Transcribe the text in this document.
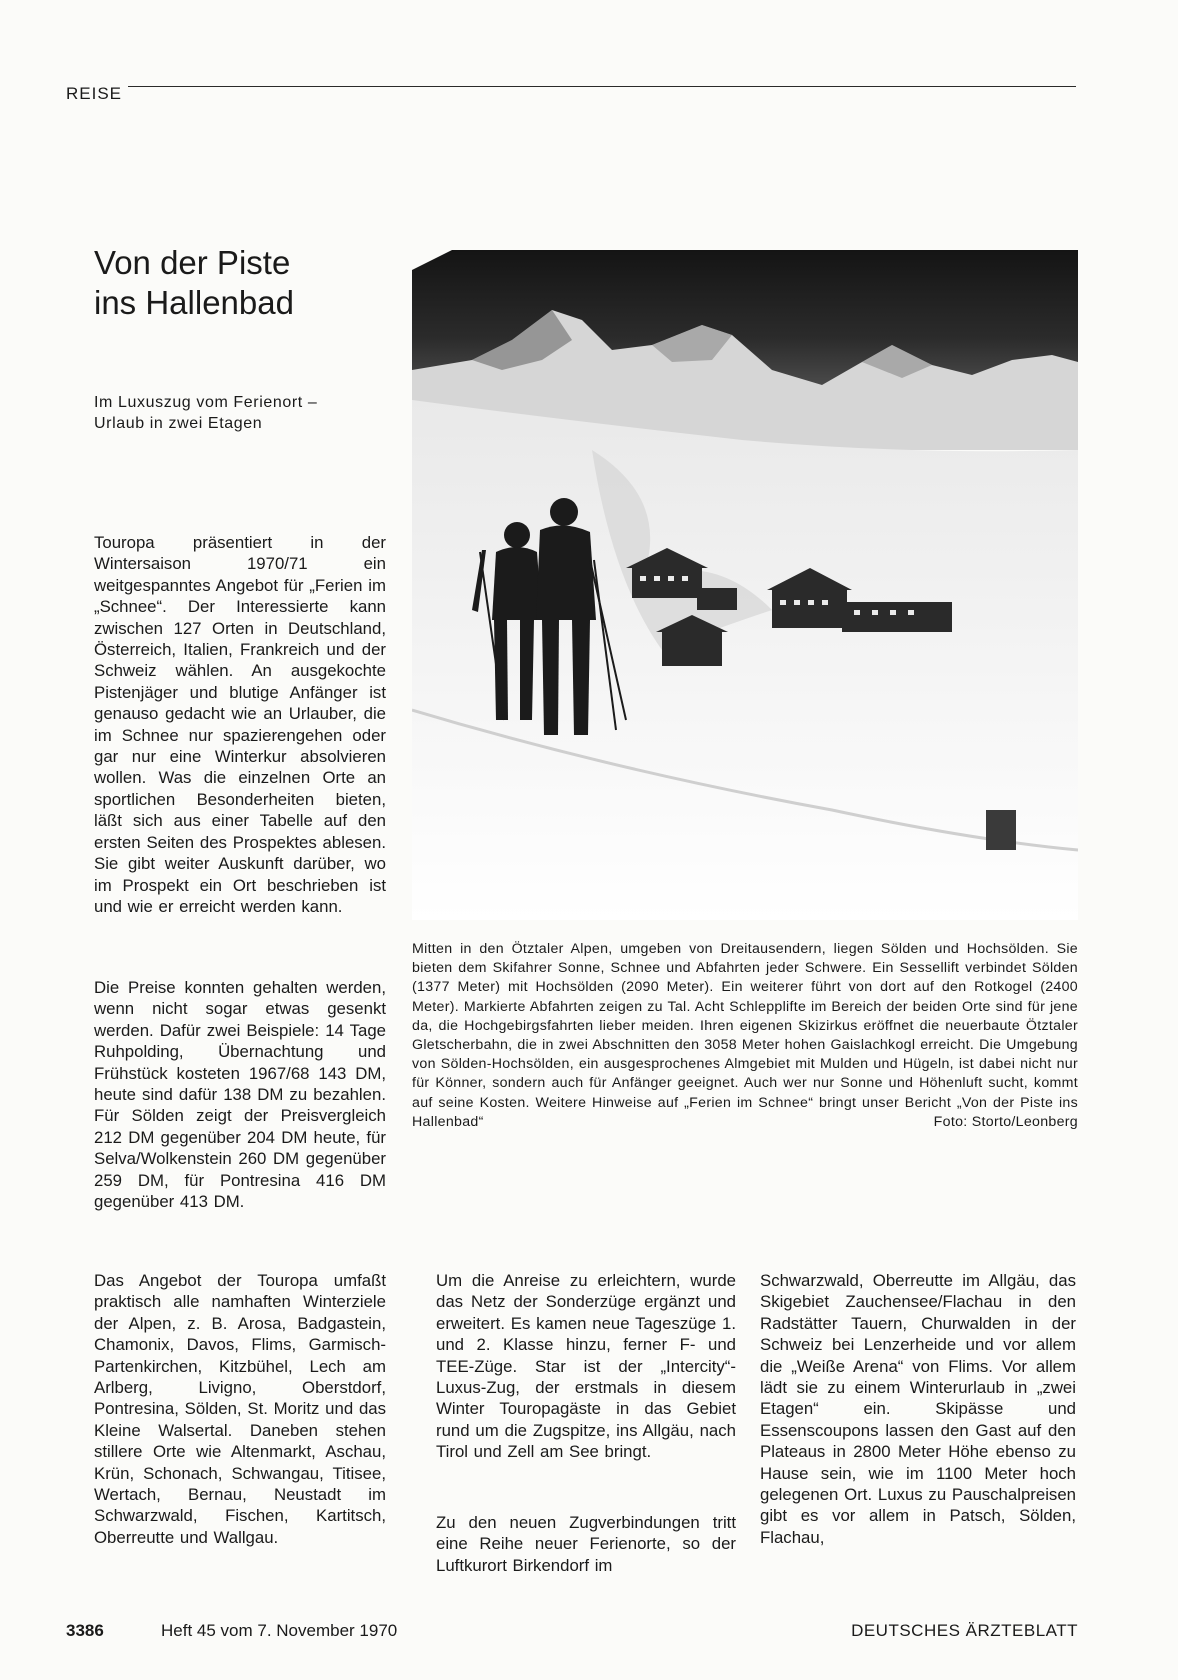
REISE
Von der Piste
ins Hallenbad
Im Luxuszug vom Ferienort –
Urlaub in zwei Etagen

Touropa präsentiert in der Wintersaison 1970/71 ein weitgespanntes Angebot für „Ferien im „Schnee“. Der Interessierte kann zwischen 127 Orten in Deutschland, Österreich, Italien, Frankreich und der Schweiz wählen. An ausgekochte Pistenjäger und blutige Anfänger ist genauso gedacht wie an Urlauber, die im Schnee nur spazierengehen oder gar nur eine Winterkur absolvieren wollen. Was die einzelnen Orte an sportlichen Besonderheiten bieten, läßt sich aus einer Tabelle auf den ersten Seiten des Prospektes ablesen. Sie gibt weiter Auskunft darüber, wo im Prospekt ein Ort beschrieben ist und wie er erreicht werden kann.

Die Preise konnten gehalten werden, wenn nicht sogar etwas gesenkt werden. Dafür zwei Beispiele: 14 Tage Ruhpolding, Übernachtung und Frühstück kosteten 1967/68 143 DM, heute sind dafür 138 DM zu bezahlen. Für Sölden zeigt der Preisvergleich 212 DM gegenüber 204 DM heute, für Selva/Wolkenstein 260 DM gegenüber 259 DM, für Pontresina 416 DM gegenüber 413 DM.

Das Angebot der Touropa umfaßt praktisch alle namhaften Winterziele der Alpen, z. B. Arosa, Badgastein, Chamonix, Davos, Flims, Garmisch-Partenkirchen, Kitzbühel, Lech am Arlberg, Livigno, Oberstdorf, Pontresina, Sölden, St. Moritz und das Kleine Walsertal. Daneben stehen stillere Orte wie Altenmarkt, Aschau, Krün, Schonach, Schwangau, Titisee, Wertach, Bernau, Neustadt im Schwarzwald, Fischen, Kartitsch, Oberreutte und Wallgau.

Um die Anreise zu erleichtern, wurde das Netz der Sonderzüge ergänzt und erweitert. Es kamen neue Tageszüge 1. und 2. Klasse hinzu, ferner F- und TEE-Züge. Star ist der „Intercity“-Luxus-Zug, der erstmals in diesem Winter Touropagäste in das Gebiet rund um die Zugspitze, ins Allgäu, nach Tirol und Zell am See bringt.

Zu den neuen Zugverbindungen tritt eine Reihe neuer Ferienorte, so der Luftkurort Birkendorf im

Schwarzwald, Oberreutte im Allgäu, das Skigebiet Zauchensee/Flachau in den Radstätter Tauern, Churwalden in der Schweiz bei Lenzerheide und vor allem die „Weiße Arena“ von Flims. Vor allem lädt sie zu einem Winterurlaub in „zwei Etagen“ ein. Skipässe und Essenscoupons lassen den Gast auf den Plateaus in 2800 Meter Höhe ebenso zu Hause sein, wie im 1100 Meter hoch gelegenen Ort. Luxus zu Pauschalpreisen gibt es vor allem in Patsch, Sölden, Flachau,

Mitten in den Ötztaler Alpen, umgeben von Dreitausendern, liegen Sölden und Hochsölden. Sie bieten dem Skifahrer Sonne, Schnee und Abfahrten jeder Schwere. Ein Sessellift verbindet Sölden (1377 Meter) mit Hochsölden (2090 Meter). Ein weiterer führt von dort auf den Rotkogel (2400 Meter). Markierte Abfahrten zeigen zu Tal. Acht Schlepplifte im Bereich der beiden Orte sind für jene da, die Hochgebirgsfahrten lieber meiden. Ihren eigenen Skizirkus eröffnet die neuerbaute Ötztaler Gletscherbahn, die in zwei Abschnitten den 3058 Meter hohen Gaislachkogl erreicht. Die Umgebung von Sölden-Hochsölden, ein ausgesprochenes Almgebiet mit Mulden und Hügeln, ist dabei nicht nur für Könner, sondern auch für Anfänger geeignet. Auch wer nur Sonne und Höhenluft sucht, kommt auf seine Kosten. Weitere Hinweise auf „Ferien im Schnee“ bringt unser Bericht „Von der Piste ins Hallenbad“	Foto: Storto/Leonberg
3386	Heft 45 vom 7. November 1970	DEUTSCHES ÄRZTEBLATT
